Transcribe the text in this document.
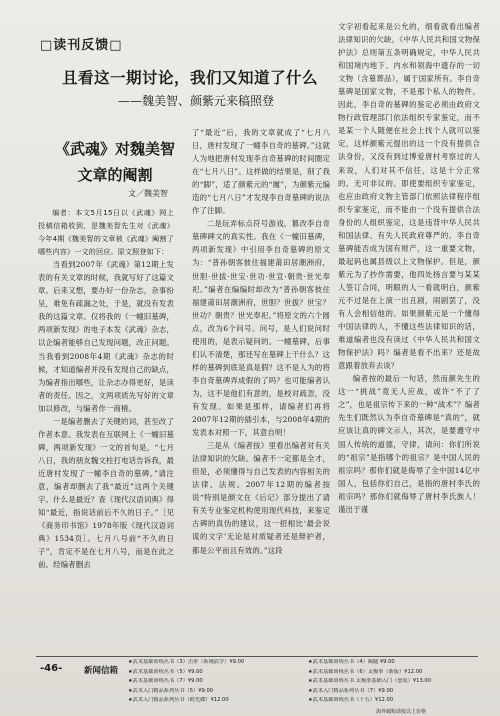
□读刊反馈□
且看这一期讨论，我们又知道了什么
——魏美智、颜紫元来稿照登
《武魂》对魏美智
文章的阉割
文／魏美智

编者：本文5月15日以《武魂》网上投稿信箱收到，是魏美智先生对《武魂》今年4期《魏美智的文章被《武魂》阉割了哪些内容》一文的回应。原文照登如下：

当看到2007年《武魂》第12期上发表的有关文章的时候，我就写好了这篇文章。后来又想，要办好一份杂志，杂事纷呈，难免有疏漏之处，于是，就没有发表我的这篇文章。仅将我的《一幢旧墓碑，两项新发现》的电子本发《武魂》杂志，以企编者能够自己发现问题，改正问题。当我看到2008年4期《武魂》杂志的时候，才知道编者并没有发现自己的缺点，为编者指出哪些，让杂志办得更好，是读者的责任。因之，文两项质先写好的文章加以修改，与编者作一商榷。

一是编者删去了关键的词，甚至改了作者本意。我发表在互联网上《一幢旧墓碑，两项新发现》一文的首句是，“七月八日，我的朋友魏文柱打电话告诉我，最近唐村发现了一幢李自奇的墓碑。”请注意，编者却删去了我“最近”这两个关键字。什么是最近？查《现代汉语词典》得知“最近，指说话前后不久的日子。”［见《商务印书馆》1978年版《现代汉语词典》1534页］。七月八号前“不久的日子”，肯定不是在七月八号，而是在此之前。经编者删去

了“最近”后，我的文章就成了“七月八日，唐村发现了一幢李自奇的墓碑。”这就人为地把唐村发现李自奇墓碑的时间圈定在“七月八日”。这样做的结果是，削了我的“脚”，适了颜紫元的“履”，为颜紫元编造的“七月八日”才发现李自奇墓碑的说法作了注脚。

二是玩弄标点符号游戏，篡改李自奇墓碑碑文的真实性。我在《一幢旧墓碑，两项新发现》中引用李自奇墓碑的原文为：“普孙朝客彼住福建莆田居潮洲府，世胆·世拔·世宝·世功·世宣·朝贵·世光奉祀。”编者在编编时却改为“普孙朝客彼住福建莆田居潮洲府，世胆？世拔？世宝？世功？朝贵？世光奉祀。”将原文的六个圆点，改为6个问号。问号，是人们说问时使用的，是表示疑问的。一幢墓碑，后事们认不清楚，那还写在墓碑上干什么？这样的墓碑到底是真是假？这不是人为的将李自奇墓碑弄成假的了吗？也可能编者认为，这不是他们有意的，是校对疏忽，没有发现。如果是那样，请编者们再将2007年12期的插引本，与2008年4期的发表本对照一下，其意自明！

三是从《编者按》里看出编者对有关法律知识的欠缺。编者不一定都是全才，但是，必须懂得与自己发表的内容相关的法律、法规。2007年12期的编者按说“特别是颜文在《后记》部分提出了请有关专业鉴定机构使用现代科技，来鉴定古碑的真伪的建议，这一招相比‘最会说谎的文字’无论是对质疑者还是辩护者，都是公平而且有效的。”这段

文字初看起来是公允的，细看就看出编者法律知识的欠缺。《中华人民共和国文物保护法》总则第五条明确规定，中华人民共和国境内地下、内水和领海中遗存的一切文物（含墓葬品），属于国家所有。李自奇墓碑是国家文物，不是那个私人的物件。因此，李自奇的墓碑的鉴定必须由政府文物行政管理部门依法组织专家鉴定，而不是某一个人随便在社会上找个人就可以鉴定，这样颜紫元提出的这一个没有提供合法身份，又没有到过博爱唐村考察过的人来说，人们对其不信任，这是十分正常的。无可非议的。即使要组织专家鉴定，也应由政府文物主管部门依照法律程序组织专家鉴定，而不能由一个没有提供合法身份的人组织鉴定，这是违背中华人民共和国法律、有失人民政府尊严的。李自奇墓碑能否成为国有财产，这一重要文物，最起码也属县级以上文物保护。但是，颜紫元为了抄作需要，他四处扬言要与某某人签订合同，明眼的人一看就明白，颜紫元不过是在上演一出丑剧，闹剧罢了，没有人会相信他的。如果颜紫元是一个懂得中国法律的人，不懂这些法律知识的话，难道编者也没有读过《中华人民共和国文物保护法》吗？编者是看不出来？还是故意跟着放弃去谈？

编者按的最后一句话，然而颜先生的这一“挑战”竟无人应战，或许“不了了之”，也是祖宗传下来的一种“战术”？编者先生们既然认为李自奇墓碑是“真的”，就应该让真的碑文示人，其次，是要遵守中国人传统的道德，守律，请问：你们所说的“祖宗”是指哪个的祖宗？是中国人民的祖宗吗？那你们就是侮辱了全中国14亿中国人，包括你们自己，是指的唐村李氏的祖宗吗？那你们就侮辱了唐村李氏族人！谨出于谨

-46-	新闻信箱
★武术基础训练丛书（3）击拳（系统武学）¥9.00	★武术基础训练丛书（4）踢腿 ¥9.00
★武术基础训练丛书（5）¥9.00	★武术基础训练丛书（6）太极拳（新版）¥12.00
★武术基础训练丛书（7）¥9.00	★武术基础训练丛书 太极拳基础入门（套装）¥13.00
★武术入门精品系列丛书（5）¥9.00	★武术入门精品系列丛书（7）¥9.00
★武术入门精品系列丛书（附光碟）¥12.00	★武术基础训练丛书（十五）¥12.00
海外邮购请按以上价格
